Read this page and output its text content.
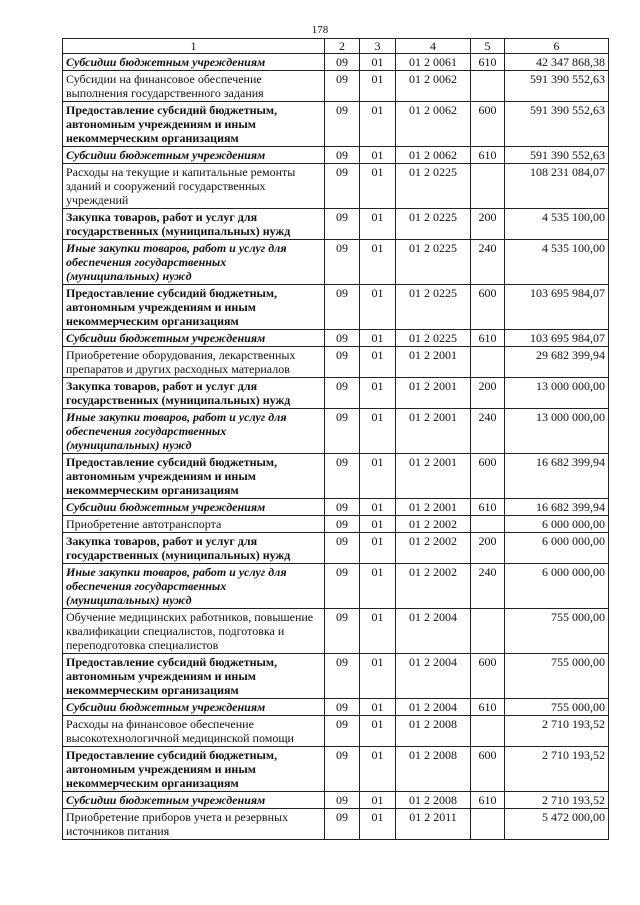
178
1	2	3	4	5	6
Субсидии бюджетным учреждениям	09	01	01 2 0061	610	42 347 868,38
Субсидии на финансовое обеспечение выполнения государственного задания	09	01	01 2 0062		591 390 552,63
Предоставление субсидий бюджетным, автономным учреждениям и иным некоммерческим организациям	09	01	01 2 0062	600	591 390 552,63
Субсидии бюджетным учреждениям	09	01	01 2 0062	610	591 390 552,63
Расходы на текущие и капитальные ремонты зданий и сооружений государственных учреждений	09	01	01 2 0225		108 231 084,07
Закупка товаров, работ и услуг для государственных (муниципальных) нужд	09	01	01 2 0225	200	4 535 100,00
Иные закупки товаров, работ и услуг для обеспечения государственных (муниципальных) нужд	09	01	01 2 0225	240	4 535 100,00
Предоставление субсидий бюджетным, автономным учреждениям и иным некоммерческим организациям	09	01	01 2 0225	600	103 695 984,07
Субсидии бюджетным учреждениям	09	01	01 2 0225	610	103 695 984,07
Приобретение оборудования, лекарственных препаратов и других расходных материалов	09	01	01 2 2001		29 682 399,94
Закупка товаров, работ и услуг для государственных (муниципальных) нужд	09	01	01 2 2001	200	13 000 000,00
Иные закупки товаров, работ и услуг для обеспечения государственных (муниципальных) нужд	09	01	01 2 2001	240	13 000 000,00
Предоставление субсидий бюджетным, автономным учреждениям и иным некоммерческим организациям	09	01	01 2 2001	600	16 682 399,94
Субсидии бюджетным учреждениям	09	01	01 2 2001	610	16 682 399,94
Приобретение автотранспорта	09	01	01 2 2002		6 000 000,00
Закупка товаров, работ и услуг для государственных (муниципальных) нужд	09	01	01 2 2002	200	6 000 000,00
Иные закупки товаров, работ и услуг для обеспечения государственных (муниципальных) нужд	09	01	01 2 2002	240	6 000 000,00
Обучение медицинских работников, повышение квалификации специалистов, подготовка и переподготовка специалистов	09	01	01 2 2004		755 000,00
Предоставление субсидий бюджетным, автономным учреждениям и иным некоммерческим организациям	09	01	01 2 2004	600	755 000,00
Субсидии бюджетным учреждениям	09	01	01 2 2004	610	755 000,00
Расходы на финансовое обеспечение высокотехнологичной медицинской помощи	09	01	01 2 2008		2 710 193,52
Предоставление субсидий бюджетным, автономным учреждениям и иным некоммерческим организациям	09	01	01 2 2008	600	2 710 193,52
Субсидии бюджетным учреждениям	09	01	01 2 2008	610	2 710 193,52
Приобретение приборов учета и резервных источников питания	09	01	01 2 2011		5 472 000,00
